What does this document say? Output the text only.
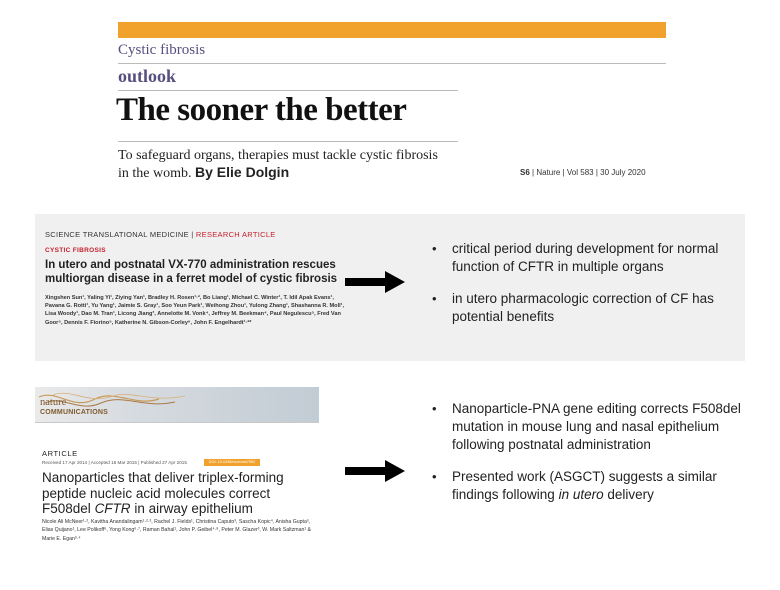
Cystic fibrosis
outlook
The sooner the better
To safeguard organs, therapies must tackle cystic fibrosis in the womb. By Elie Dolgin	S6 | Nature | Vol 583 | 30 July 2020
SCIENCE TRANSLATIONAL MEDICINE | RESEARCH ARTICLE
CYSTIC FIBROSIS
In utero and postnatal VX-770 administration rescues multiorgan disease in a ferret model of cystic fibrosis
Xingshen Sun¹, Yaling Yi¹, Ziying Yan¹, Bradley H. Rosen¹·², Bo Liang¹, Michael C. Winter¹, T. Idil Apak Evans¹, Pavana G. Rotti¹, Yu Yang¹, Jaimie S. Gray¹, Soo Yeun Park¹, Weihong Zhou¹, Yulong Zhang¹, Shashanna R. Moll¹, Lisa Woody¹, Dao M. Tran¹, Licong Jiang³, Annelotte M. Vonk⁴, Jeffrey M. Beekman⁴, Paul Negulescu⁵, Fred Van Goor⁵, Dennis F. Fiorino⁵, Katherine N. Gibson-Corley⁶, John F. Engelhardt¹·²*
•	critical period during development for normal function of CFTR in multiple organs
•	in utero pharmacologic correction of CF has potential benefits
nature
COMMUNICATIONS
ARTICLE
Received 17 Apr 2014 | Accepted 18 Mar 2015 | Published 27 Apr 2015	DOI: 10.1038/ncomms7952
Nanoparticles that deliver triplex-forming peptide nucleic acid molecules correct F508del CFTR in airway epithelium
Nicole Ali McNeer¹·², Kavitha Anandalingam¹·²·³, Rachel J. Fields¹, Christina Caputo³, Sascha Kopic⁴, Anisha Gupta⁵, Elias Quijano¹, Lee Polikoff⁶, Yong Kong⁶·⁷, Raman Bahal¹, John P. Geibel⁴·⁸, Peter M. Glazer³, W. Mark Saltzman¹ & Marie E. Egan³·⁴
•	Nanoparticle-PNA gene editing corrects F508del mutation in mouse lung and nasal epithelium following postnatal administration
•	Presented work (ASGCT) suggests a similar findings following in utero delivery
